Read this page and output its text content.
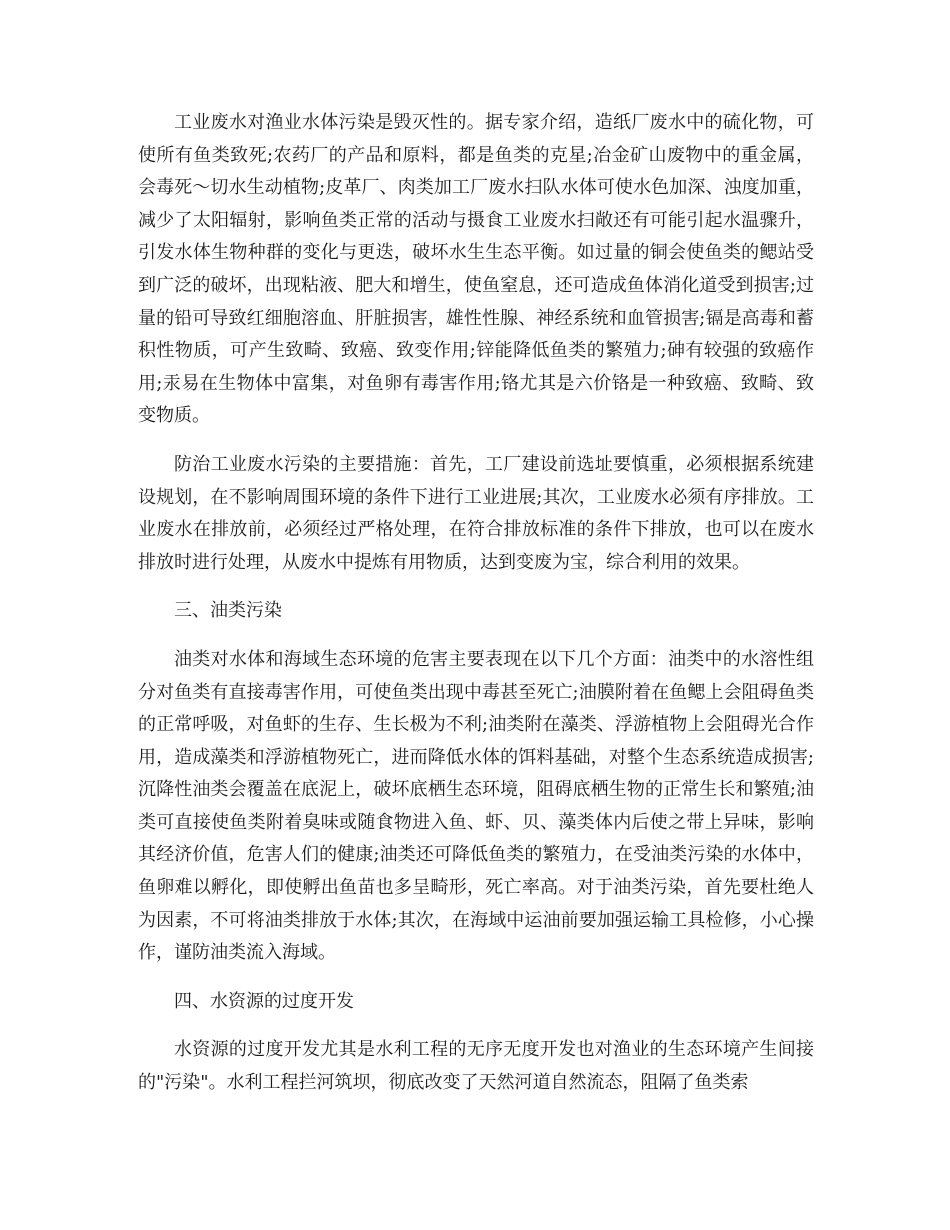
工业废水对渔业水体污染是毁灭性的。据专家介绍，造纸厂废水中的硫化物，可使所有鱼类致死;农药厂的产品和原料，都是鱼类的克星;冶金矿山废物中的重金属，会毒死～切水生动植物;皮革厂、肉类加工厂废水扫队水体可使水色加深、浊度加重，减少了太阳辐射，影响鱼类正常的活动与摄食工业废水扫敞还有可能引起水温骤升，引发水体生物种群的变化与更迭，破坏水生生态平衡。如过量的铜会使鱼类的鳃站受到广泛的破坏，出现粘液、肥大和增生，使鱼窒息，还可造成鱼体消化道受到损害;过量的铅可导致红细胞溶血、肝脏损害，雄性性腺、神经系统和血管损害;镉是高毒和蓄积性物质，可产生致畸、致癌、致变作用;锌能降低鱼类的繁殖力;砷有较强的致癌作用;汞易在生物体中富集，对鱼卵有毒害作用;铬尤其是六价铬是一种致癌、致畸、致变物质。

防治工业废水污染的主要措施：首先，工厂建设前选址要慎重，必须根据系统建设规划，在不影响周围环境的条件下进行工业进展;其次，工业废水必须有序排放。工业废水在排放前，必须经过严格处理，在符合排放标准的条件下排放，也可以在废水排放时进行处理，从废水中提炼有用物质，达到变废为宝，综合利用的效果。

三、油类污染

油类对水体和海域生态环境的危害主要表现在以下几个方面：油类中的水溶性组分对鱼类有直接毒害作用，可使鱼类出现中毒甚至死亡;油膜附着在鱼鳃上会阻碍鱼类的正常呼吸，对鱼虾的生存、生长极为不利;油类附在藻类、浮游植物上会阻碍光合作用，造成藻类和浮游植物死亡，进而降低水体的饵料基础，对整个生态系统造成损害;沉降性油类会覆盖在底泥上，破坏底栖生态环境，阻碍底栖生物的正常生长和繁殖;油类可直接使鱼类附着臭味或随食物进入鱼、虾、贝、藻类体内后使之带上异味，影响其经济价值，危害人们的健康;油类还可降低鱼类的繁殖力，在受油类污染的水体中，鱼卵难以孵化，即使孵出鱼苗也多呈畸形，死亡率高。对于油类污染，首先要杜绝人为因素，不可将油类排放于水体;其次，在海域中运油前要加强运输工具检修，小心操作，谨防油类流入海域。

四、水资源的过度开发

水资源的过度开发尤其是水利工程的无序无度开发也对渔业的生态环境产生间接的"污染"。水利工程拦河筑坝，彻底改变了天然河道自然流态，阻隔了鱼类索
